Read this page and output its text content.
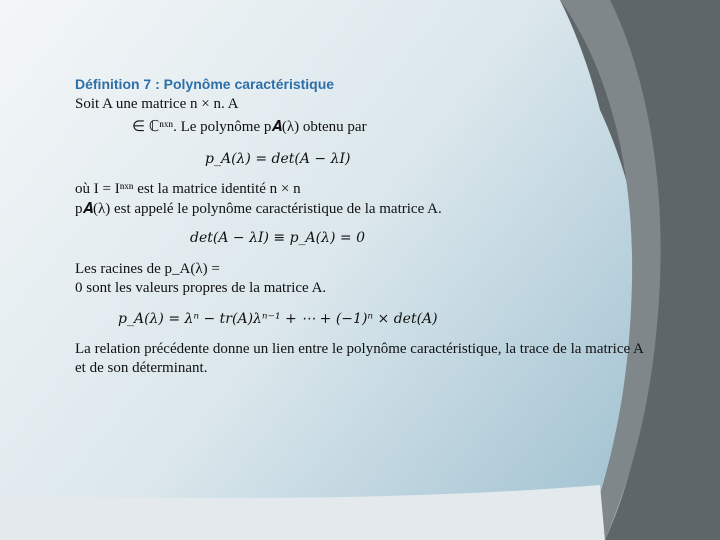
Définition 7 : Polynôme caractéristique
Soit A une matrice n × n. A
∈ ℂⁿˣⁿ. Le polynôme p𝑨(λ) obtenu par
p_A(λ) = det(A − λI)
où I = Iⁿˣⁿ est la matrice identité n × n
p𝑨(λ) est appelé le polynôme caractéristique de la matrice A.
det(A − λI) ≡ p_A(λ) = 0
Les racines de p_A(λ) =
0 sont les valeurs propres de la matrice A.
p_A(λ) = λⁿ − tr(A)λⁿ⁻¹ + ⋯ + (−1)ⁿ × det(A)
La relation précédente donne un lien entre le polynôme caractéristique, la trace de la matrice A
et de son déterminant.
